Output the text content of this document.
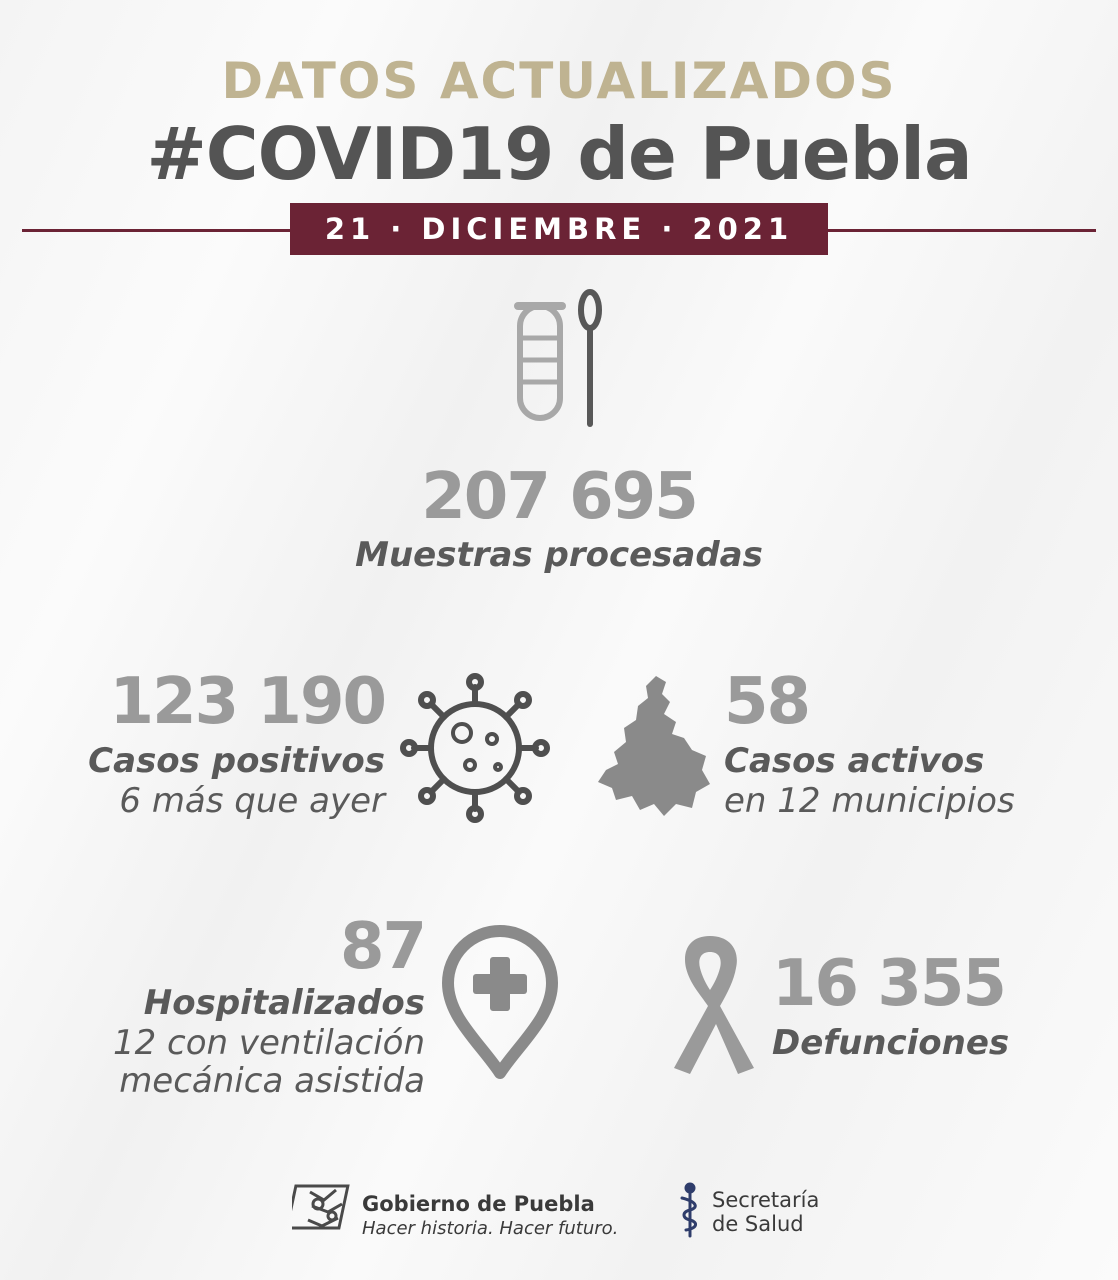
DATOS ACTUALIZADOS
#COVID19 de Puebla
21 · DICIEMBRE · 2021
207 695
Muestras procesadas
123 190
Casos positivos
6 más que ayer
58
Casos activos
en 12 municipios
87
Hospitalizados
12 con ventilación
mecánica asistida
16 355
Defunciones
Gobierno de Puebla
Hacer historia. Hacer futuro.
Secretaría
de Salud
